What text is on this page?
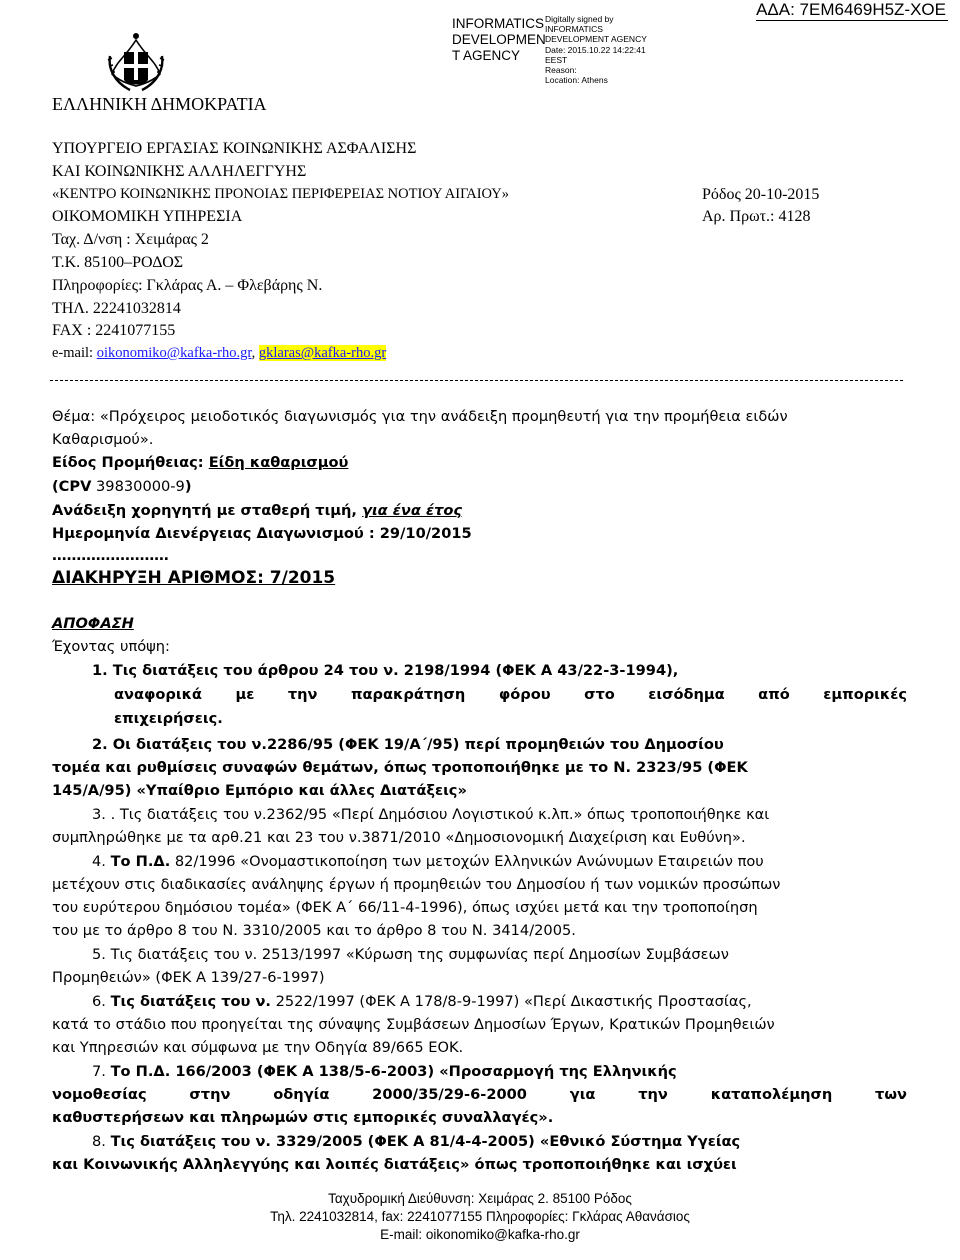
ΑΔΑ: 7ΕΜ6469Η5Ζ-ΧΟΕ
INFORMATICS
DEVELOPMEN
T AGENCY
Digitally signed by
INFORMATICS
DEVELOPMENT AGENCY
Date: 2015.10.22 14:22:41
EEST
Reason:
Location: Athens
ΕΛΛΗΝΙΚΗ ΔΗΜΟΚΡΑΤΙΑ
ΥΠΟΥΡΓΕΙΟ ΕΡΓΑΣΙΑΣ ΚΟΙΝΩΝΙΚΗΣ ΑΣΦΑΛΙΣΗΣ
ΚΑΙ ΚΟΙΝΩΝΙΚΗΣ ΑΛΛΗΛΕΓΓΥΗΣ
«ΚΕΝΤΡΟ ΚΟΙΝΩΝΙΚΗΣ ΠΡΟΝΟΙΑΣ ΠΕΡΙΦΕΡΕΙΑΣ ΝΟΤΙΟΥ ΑΙΓΑΙΟΥ»
ΟΙΚΟΜΟΜΙΚΗ ΥΠΗΡΕΣΙΑ
Ταχ. Δ/νση : Χειμάρας 2
Τ.Κ. 85100–ΡΟΔΟΣ
Πληροφορίες: Γκλάρας Α. – Φλεβάρης Ν.
ΤΗΛ. 22241032814
FAX : 2241077155
e-mail: oikonomiko@kafka-rho.gr, gklaras@kafka-rho.gr
Ρόδος 20-10-2015
Αρ. Πρωτ.: 4128
Θέμα: «Πρόχειρος μειοδοτικός διαγωνισμός για την ανάδειξη προμηθευτή για την προμήθεια ειδών
Καθαρισμού».
Είδος Προμήθειας: Είδη καθαρισμού
(CPV 39830000-9)
Ανάδειξη χορηγητή με σταθερή τιμή, για ένα έτος
Ημερομηνία Διενέργειας Διαγωνισμού : 29/10/2015
……………………
ΔΙΑΚΗΡΥΞΗ ΑΡΙΘΜΟΣ: 7/2015
ΑΠΟΦΑΣΗ
Έχοντας υπόψη:
1. Τις διατάξεις του άρθρου 24 του ν. 2198/1994 (ΦΕΚ Α 43/22-3-1994),
αναφορικά με την παρακράτηση φόρου στο εισόδημα από εμπορικές
επιχειρήσεις.
2. Οι διατάξεις του ν.2286/95 (ΦΕΚ 19/Α΄/95) περί προμηθειών του Δημοσίου
τομέα και ρυθμίσεις συναφών θεμάτων, όπως τροποποιήθηκε με το Ν. 2323/95 (ΦΕΚ
145/Α/95) «Υπαίθριο Εμπόριο και άλλες Διατάξεις»
3. . Τις διατάξεις του ν.2362/95 «Περί Δημόσιου Λογιστικού κ.λπ.» όπως τροποποιήθηκε και
συμπληρώθηκε με τα αρθ.21 και 23 του ν.3871/2010 «Δημοσιονομική Διαχείριση και Ευθύνη».
4. Το Π.Δ. 82/1996 «Ονομαστικοποίηση των μετοχών Ελληνικών Ανώνυμων Εταιρειών που
μετέχουν στις διαδικασίες ανάληψης έργων ή προμηθειών του Δημοσίου ή των νομικών προσώπων
του ευρύτερου δημόσιου τομέα» (ΦΕΚ Α΄ 66/11-4-1996), όπως ισχύει μετά και την τροποποίηση
του με το άρθρο 8 του Ν. 3310/2005 και το άρθρο 8 του Ν. 3414/2005.
5. Τις διατάξεις του ν. 2513/1997 «Κύρωση της συμφωνίας περί Δημοσίων Συμβάσεων
Προμηθειών» (ΦΕΚ Α 139/27-6-1997)
6. Τις διατάξεις του ν. 2522/1997 (ΦΕΚ Α 178/8-9-1997) «Περί Δικαστικής Προστασίας,
κατά το στάδιο που προηγείται της σύναψης Συμβάσεων Δημοσίων Έργων, Κρατικών Προμηθειών
και Υπηρεσιών και σύμφωνα με την Οδηγία 89/665 ΕΟΚ.
7. Το Π.Δ. 166/2003 (ΦΕΚ Α 138/5-6-2003) «Προσαρμογή της Ελληνικής
νομοθεσίας στην οδηγία 2000/35/29-6-2000 για την καταπολέμηση των
καθυστερήσεων και πληρωμών στις εμπορικές συναλλαγές».
8. Τις διατάξεις του ν. 3329/2005 (ΦΕΚ Α 81/4-4-2005) «Εθνικό Σύστημα Υγείας
και Κοινωνικής Αλληλεγγύης και λοιπές διατάξεις» όπως τροποποιήθηκε και ισχύει
Ταχυδρομική Διεύθυνση: Χειμάρας 2. 85100 Ρόδος
Τηλ. 2241032814, fax: 2241077155 Πληροφορίες: Γκλάρας Αθανάσιος
E-mail: oikonomiko@kafka-rho.gr
